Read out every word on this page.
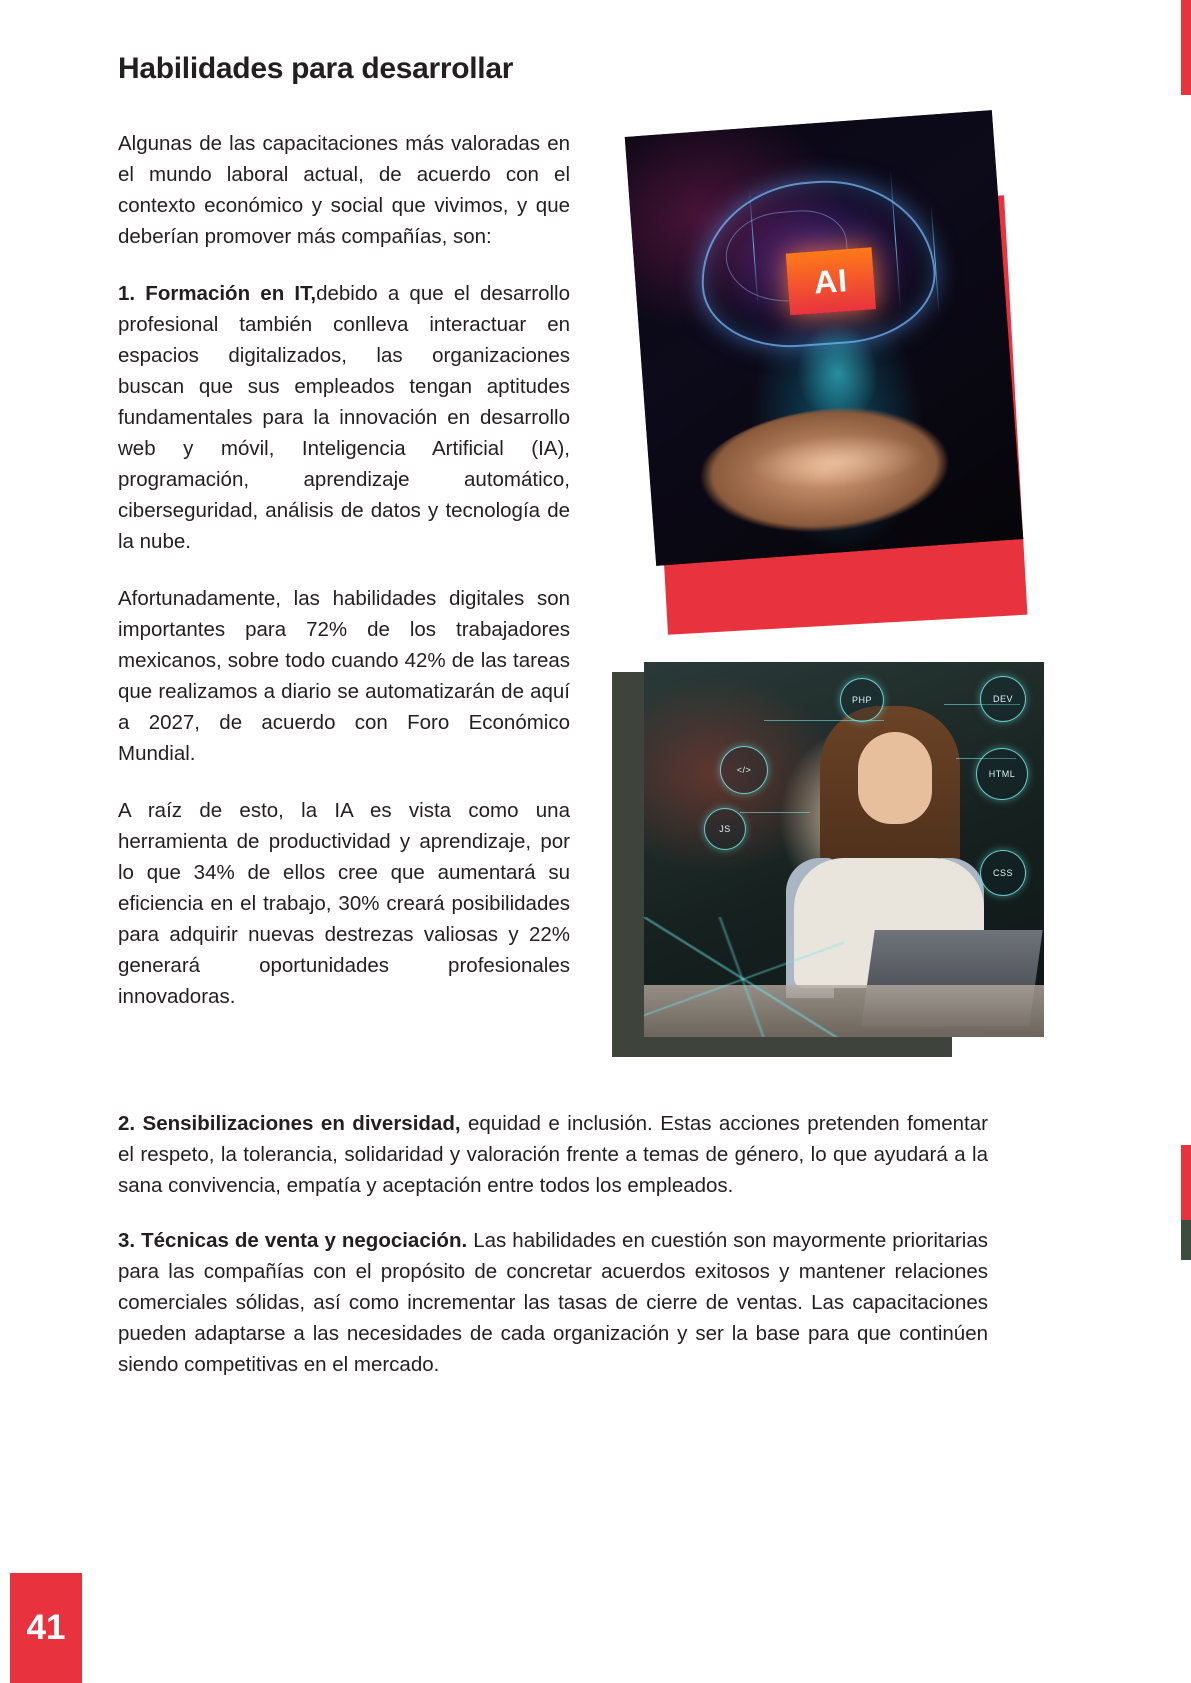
Habilidades para desarrollar

Algunas de las capacitaciones más valoradas en el mundo laboral actual, de acuerdo con el contexto económico y social que vivimos, y que deberían promover más compañías, son:

1. Formación en IT,debido a que el desarrollo profesional también conlleva interactuar en espacios digitalizados, las organizaciones buscan que sus empleados tengan aptitudes fundamentales para la innovación en desarrollo web y móvil, Inteligencia Artificial (IA), programación, aprendizaje automático, ciberseguridad, análisis de datos y tecnología de la nube.

Afortunadamente, las habilidades digitales son importantes para 72% de los trabajadores mexicanos, sobre todo cuando 42% de las tareas que realizamos a diario se automatizarán de aquí a 2027, de acuerdo con Foro Económico Mundial.

A raíz de esto, la IA es vista como una herramienta de productividad y aprendizaje, por lo que 34% de ellos cree que aumentará su eficiencia en el trabajo, 30% creará posibilidades para adquirir nuevas destrezas valiosas y 22% generará oportunidades profesionales innovadoras.

AI
PHP	DEV
</>	HTML
JS
CSS

2. Sensibilizaciones en diversidad, equidad e inclusión. Estas acciones pretenden fomentar el respeto, la tolerancia, solidaridad y valoración frente a temas de género, lo que ayudará a la sana convivencia, empatía y aceptación entre todos los empleados.

3. Técnicas de venta y negociación. Las habilidades en cuestión son mayormente prioritarias para las compañías con el propósito de concretar acuerdos exitosos y mantener relaciones comerciales sólidas, así como incrementar las tasas de cierre de ventas. Las capacitaciones pueden adaptarse a las necesidades de cada organización y ser la base para que continúen siendo competitivas en el mercado.

41
